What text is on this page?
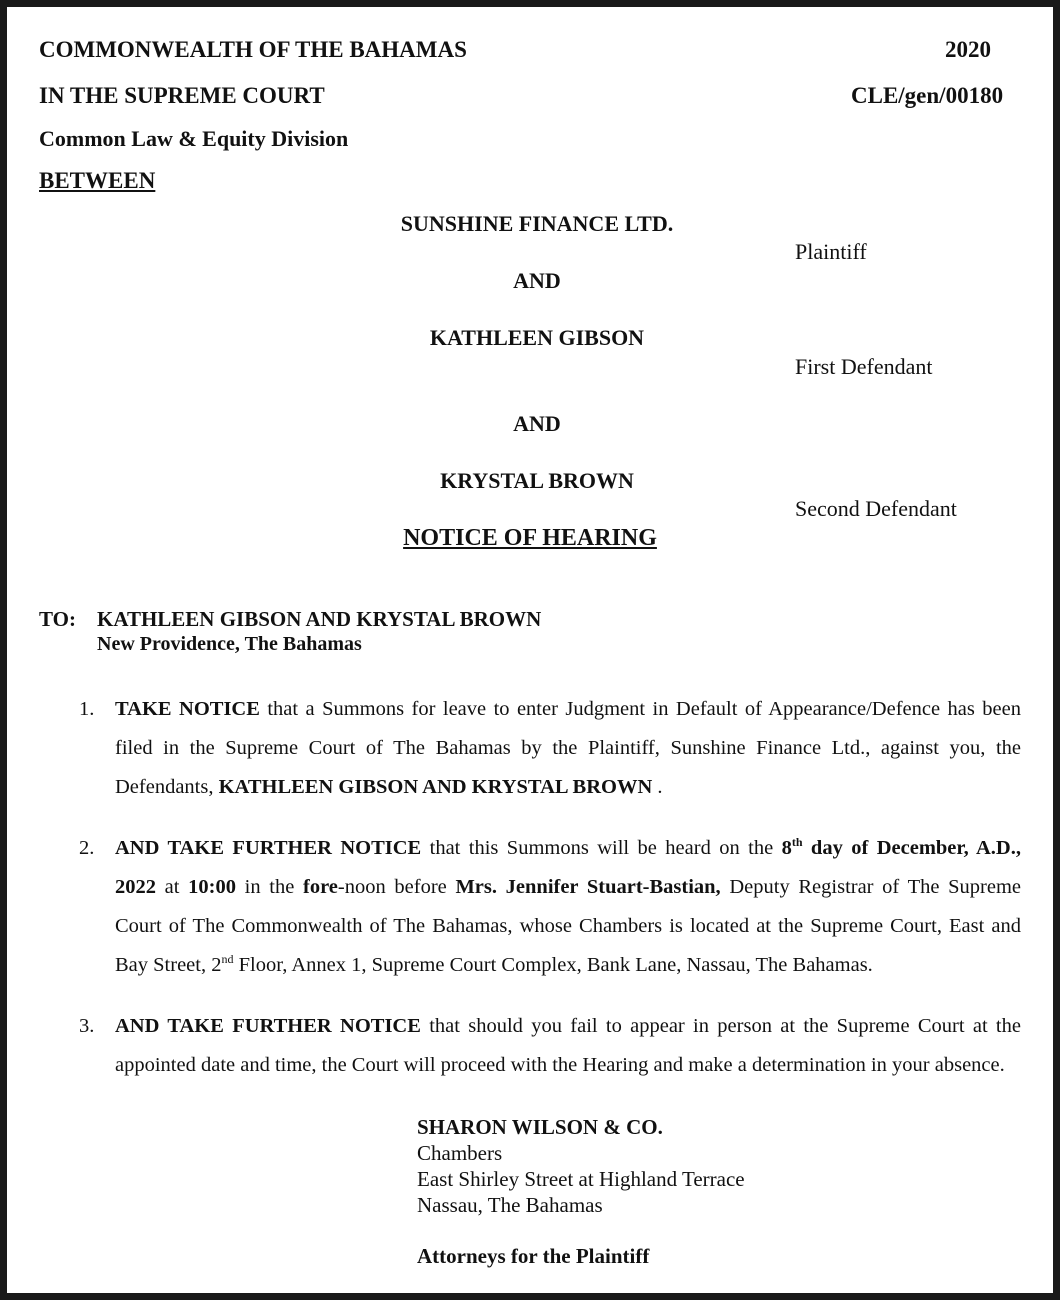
COMMONWEALTH OF THE BAHAMAS	2020
IN THE SUPREME COURT	CLE/gen/00180
Common Law & Equity Division
BETWEEN
SUNSHINE FINANCE LTD.
Plaintiff
AND
KATHLEEN GIBSON
First Defendant
AND
KRYSTAL BROWN
Second Defendant
NOTICE OF HEARING
TO: KATHLEEN GIBSON AND KRYSTAL BROWN
New Providence, The Bahamas
1. TAKE NOTICE that a Summons for leave to enter Judgment in Default of Appearance/Defence has been
filed in the Supreme Court of The Bahamas by the Plaintiff, Sunshine Finance Ltd., against you, the
Defendants, KATHLEEN GIBSON AND KRYSTAL BROWN .
2. AND TAKE FURTHER NOTICE that this Summons will be heard on the 8th day of December, A.D.,
2022 at 10:00 in the fore-noon before Mrs. Jennifer Stuart-Bastian, Deputy Registrar of The Supreme
Court of The Commonwealth of The Bahamas, whose Chambers is located at the Supreme Court, East and
Bay Street, 2nd Floor, Annex 1, Supreme Court Complex, Bank Lane, Nassau, The Bahamas.
3. AND TAKE FURTHER NOTICE that should you fail to appear in person at the Supreme Court at the
appointed date and time, the Court will proceed with the Hearing and make a determination in your absence.
SHARON WILSON & CO.
Chambers
East Shirley Street at Highland Terrace
Nassau, The Bahamas
Attorneys for the Plaintiff
